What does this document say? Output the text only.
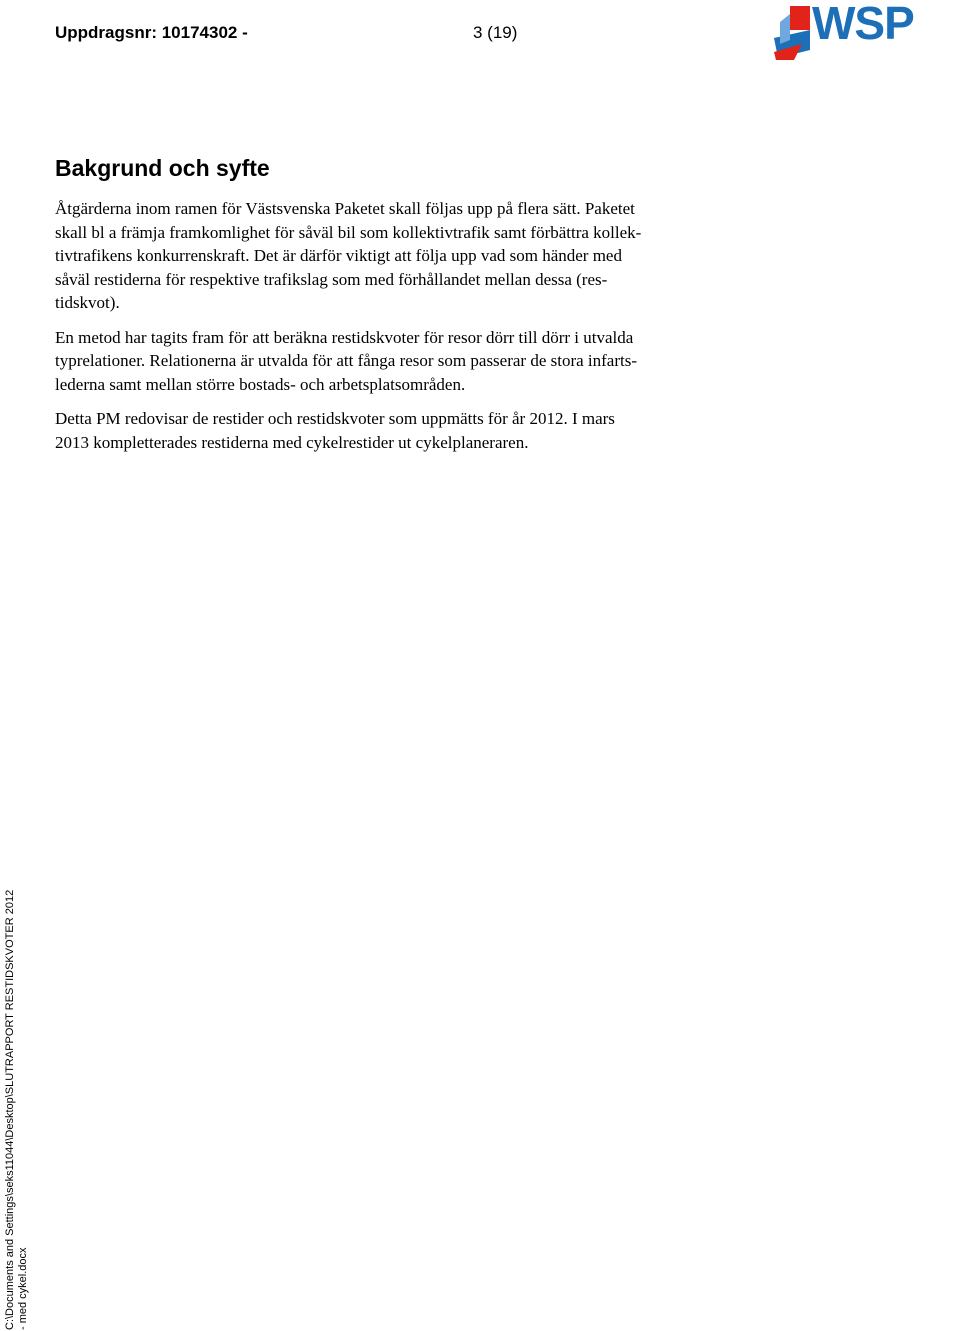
Uppdragsnr: 10174302 -	3 (19)	WSP
Bakgrund och syfte

Åtgärderna inom ramen för Västsvenska Paketet skall följas upp på flera sätt. Paketet
skall bl a främja framkomlighet för såväl bil som kollektivtrafik samt förbättra kollek-
tivtrafikens konkurrenskraft. Det är därför viktigt att följa upp vad som händer med
såväl restiderna för respektive trafikslag som med förhållandet mellan dessa (res-
tidskvot).

En metod har tagits fram för att beräkna restidskvoter för resor dörr till dörr i utvalda
typrelationer. Relationerna är utvalda för att fånga resor som passerar de stora infarts-
lederna samt mellan större bostads- och arbetsplatsområden.

Detta PM redovisar de restider och restidskvoter som uppmätts för år 2012. I mars
2013 kompletterades restiderna med cykelrestider ut cykelplaneraren.

C:\Documents and Settings\seks11044\Desktop\SLUTRAPPORT RESTIDSKVOTER 2012 - med cykel.docx
